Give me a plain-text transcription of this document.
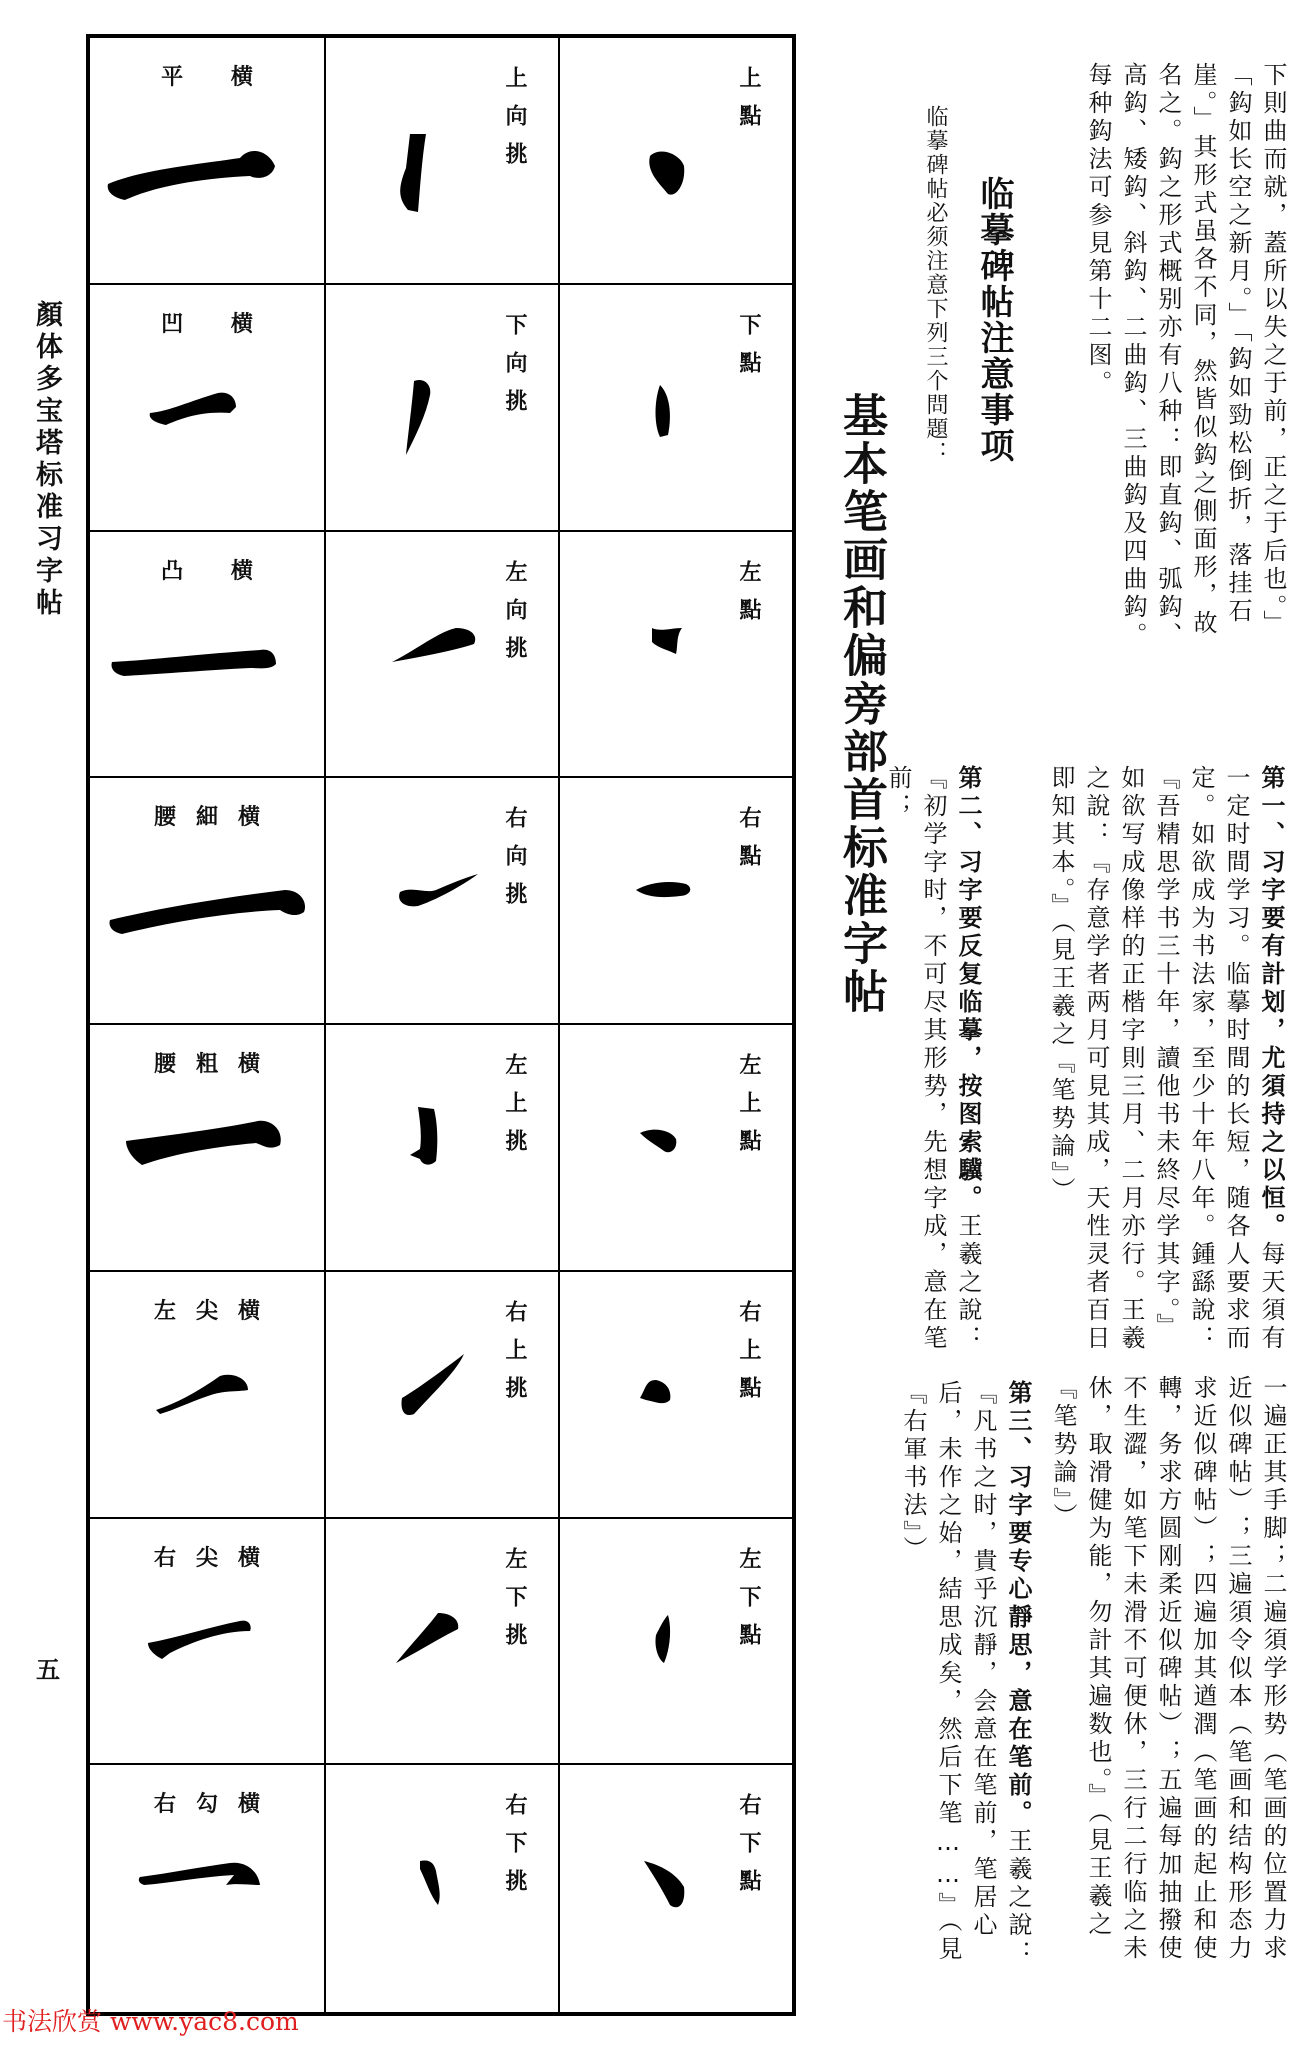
顏体多宝塔标准习字帖
五
平 横	上向挑	上點
凹 横	下向挑	下點
凸 横	左向挑	左點
腰細横	右向挑	右點
腰粗横	左上挑	左上點
左尖横	右上挑	右上點
右尖横	左下挑	左下點
右勾横	右下挑	右下點
基本笔画和偏旁部首标准字帖
临摹碑帖注意事项
临摹碑帖必须注意下列三个問題：	下則曲而就，蓋所以失之于前，正之于后也。」「鈎如长空之新月。」「鈎如勁松倒折，落挂石崖。」其形式虽各不同，然皆似鈎之側面形，故名之。鈎之形式概别亦有八种：即直鈎、弧鈎、高鈎、矮鈎、斜鈎、二曲鈎、三曲鈎及四曲鈎。每种鈎法可参見第十二图。
第一、习字要有計划，尤須持之以恒。每天須有一定时間学习。临摹时間的长短，随各人要求而定。如欲成为书法家，至少十年八年。鍾繇說：『吾精思学书三十年，讀他书未終尽学其字。』如欲写成像样的正楷字則三月、二月亦行。王羲之說：『存意学者两月可見其成，天性灵者百日即知其本。』（見王羲之『笔势論』）
第二、习字要反复临摹，按图索驥。王羲之說：『初学字时，不可尽其形势，先想字成，意在笔前；
一遍正其手脚；二遍須学形势（笔画的位置力求近似碑帖）；三遍須令似本（笔画和结构形态力求近似碑帖）；四遍加其遒潤（笔画的起止和使轉，务求方圆刚柔近似碑帖）；五遍每加抽撥使不生澀，如笔下未滑不可便休，三行二行临之未休，取滑健为能，勿計其遍数也。』（見王羲之『笔势論』）
第三、习字要专心靜思，意在笔前。王羲之說：『凡书之时，貴乎沉靜，会意在笔前，笔居心后，未作之始，結思成矣，然后下笔……』（見『右軍书法』）
书法欣赏 www.yac8.com
